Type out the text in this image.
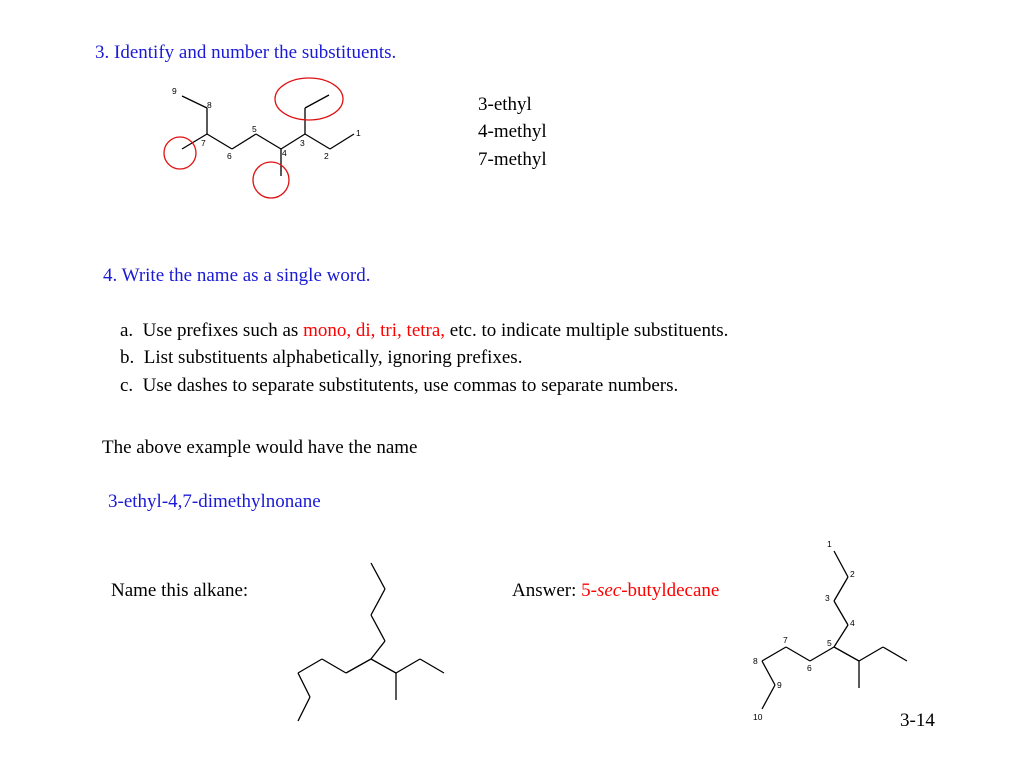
3. Identify and number the substituents.
1
2
3
4
5
6
7
8
9
3-ethyl
4-methyl
7-methyl
4. Write the name as a single word.
a.  Use prefixes such as mono, di, tri, tetra, etc. to indicate multiple substituents.
b.  List substituents alphabetically, ignoring prefixes.
c.  Use dashes to separate substitutents, use commas to separate numbers.
The above example would have the name
3-ethyl-4,7-dimethylnonane
Name this alkane:	Answer: 5-sec-butyldecane
1
2
3
4
5
6
7
8
9
10	3-14
